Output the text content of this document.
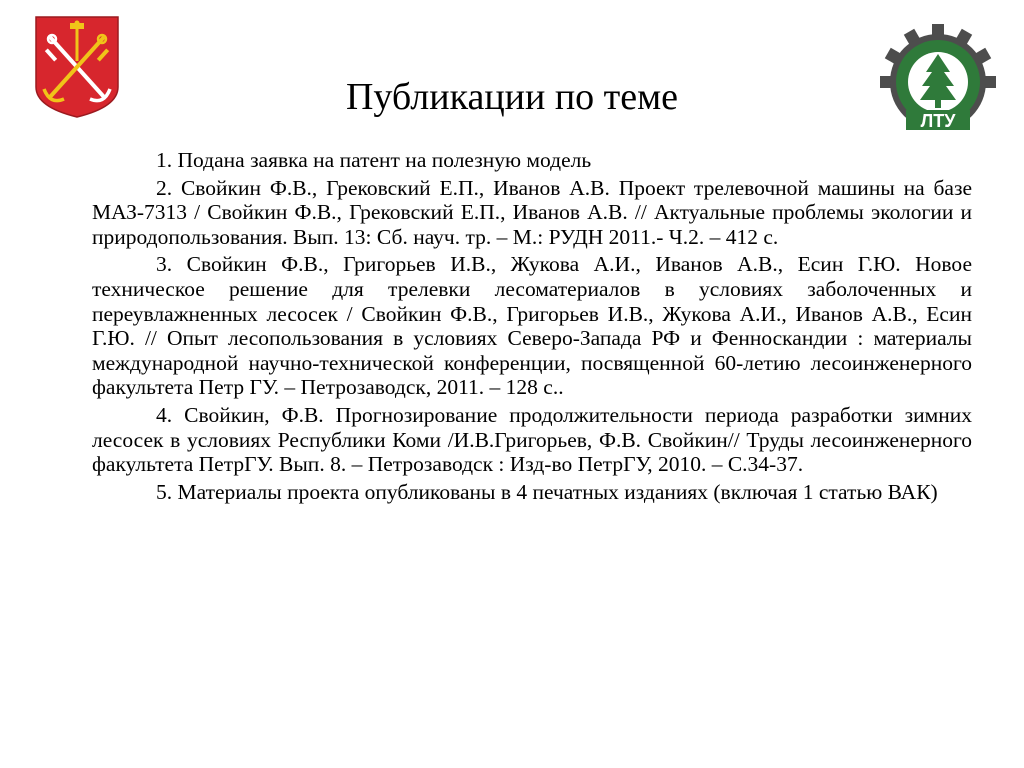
ЛТУ
Публикации по теме

1. Подана заявка на патент на полезную модель

2. Свойкин Ф.В., Грековский Е.П., Иванов А.В. Проект трелевочной машины на базе МАЗ-7313 / Свойкин Ф.В., Грековский Е.П., Иванов А.В. // Актуальные проблемы экологии и природопользования. Вып. 13: Сб. науч. тр. – М.: РУДН 2011.- Ч.2. – 412 с.

3. Свойкин Ф.В., Григорьев И.В., Жукова А.И., Иванов А.В., Есин Г.Ю. Новое техническое решение для трелевки лесоматериалов в условиях заболоченных и переувлажненных лесосек / Свойкин Ф.В., Григорьев И.В., Жукова А.И., Иванов А.В., Есин Г.Ю. // Опыт лесопользования в условиях Северо-Запада РФ и Фенноскандии : материалы международной научно-технической конференции, посвященной 60-летию лесоинженерного факультета Петр ГУ. – Петрозаводск, 2011. – 128 с..

4. Свойкин, Ф.В. Прогнозирование продолжительности периода разработки зимних лесосек в условиях Республики Коми /И.В.Григорьев, Ф.В. Свойкин// Труды лесоинженерного факультета ПетрГУ. Вып. 8. – Петрозаводск : Изд-во ПетрГУ, 2010. – С.34-37.

5. Материалы проекта опубликованы в 4 печатных изданиях (включая 1 статью ВАК)
